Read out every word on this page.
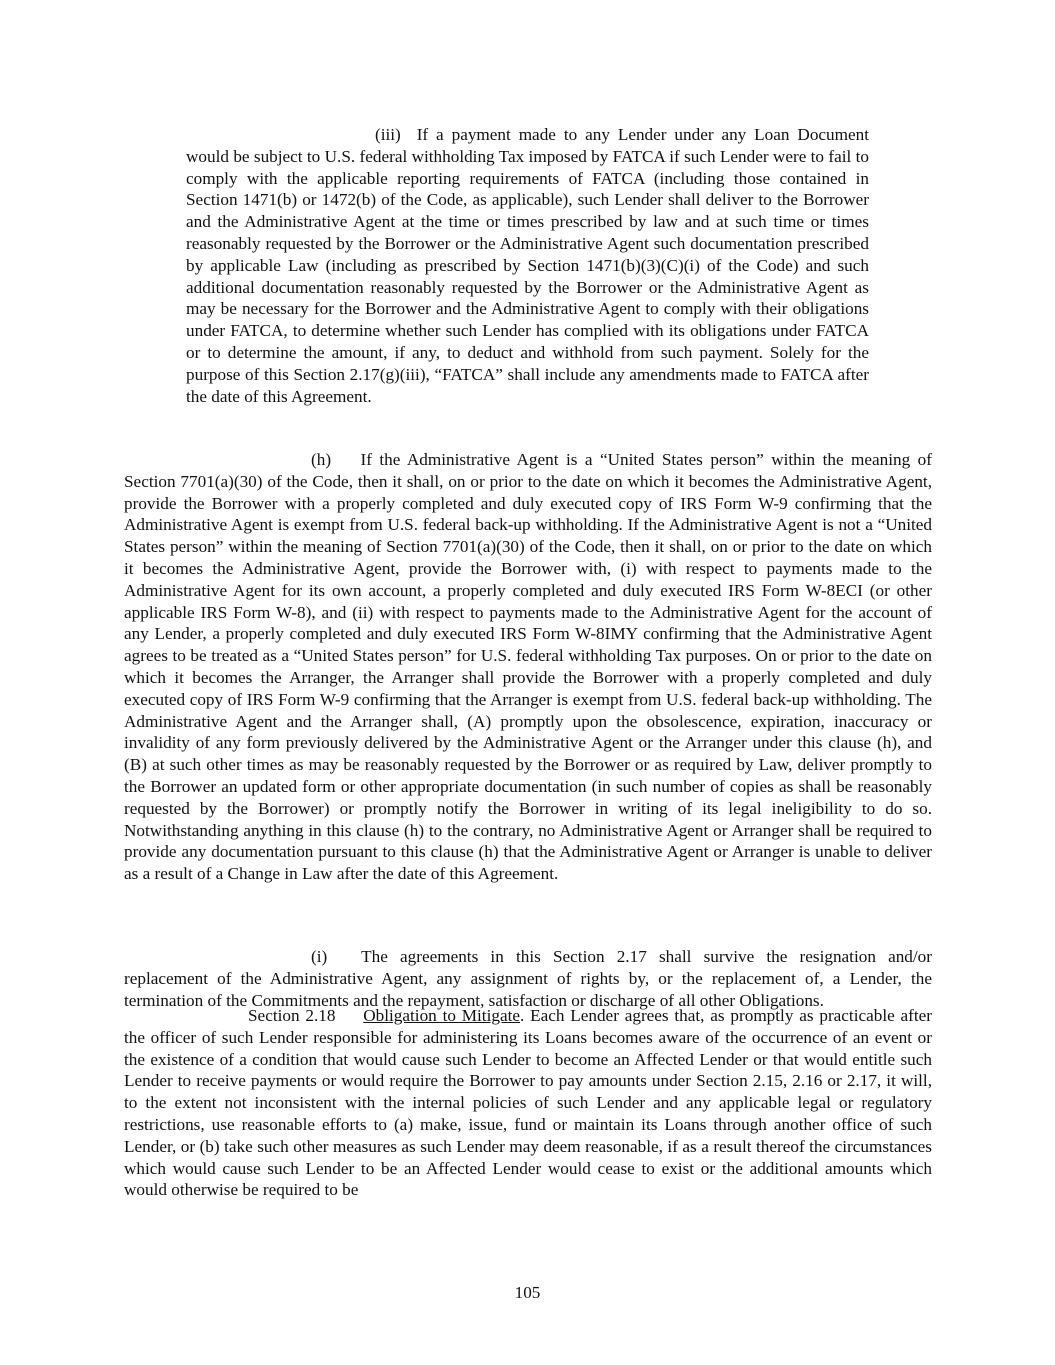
(iii) If a payment made to any Lender under any Loan Document would be subject to U.S. federal withholding Tax imposed by FATCA if such Lender were to fail to comply with the applicable reporting requirements of FATCA (including those contained in Section 1471(b) or 1472(b) of the Code, as applicable), such Lender shall deliver to the Borrower and the Administrative Agent at the time or times prescribed by law and at such time or times reasonably requested by the Borrower or the Administrative Agent such documentation prescribed by applicable Law (including as prescribed by Section 1471(b)(3)(C)(i) of the Code) and such additional documentation reasonably requested by the Borrower or the Administrative Agent as may be necessary for the Borrower and the Administrative Agent to comply with their obligations under FATCA, to determine whether such Lender has complied with its obligations under FATCA or to determine the amount, if any, to deduct and withhold from such payment. Solely for the purpose of this Section 2.17(g)(iii), “FATCA” shall include any amendments made to FATCA after the date of this Agreement.

(h) If the Administrative Agent is a “United States person” within the meaning of Section 7701(a)(30) of the Code, then it shall, on or prior to the date on which it becomes the Administrative Agent, provide the Borrower with a properly completed and duly executed copy of IRS Form W-9 confirming that the Administrative Agent is exempt from U.S. federal back-up withholding. If the Administrative Agent is not a “United States person” within the meaning of Section 7701(a)(30) of the Code, then it shall, on or prior to the date on which it becomes the Administrative Agent, provide the Borrower with, (i) with respect to payments made to the Administrative Agent for its own account, a properly completed and duly executed IRS Form W-8ECI (or other applicable IRS Form W-8), and (ii) with respect to payments made to the Administrative Agent for the account of any Lender, a properly completed and duly executed IRS Form W-8IMY confirming that the Administrative Agent agrees to be treated as a “United States person” for U.S. federal withholding Tax purposes. On or prior to the date on which it becomes the Arranger, the Arranger shall provide the Borrower with a properly completed and duly executed copy of IRS Form W-9 confirming that the Arranger is exempt from U.S. federal back-up withholding. The Administrative Agent and the Arranger shall, (A) promptly upon the obsolescence, expiration, inaccuracy or invalidity of any form previously delivered by the Administrative Agent or the Arranger under this clause (h), and (B) at such other times as may be reasonably requested by the Borrower or as required by Law, deliver promptly to the Borrower an updated form or other appropriate documentation (in such number of copies as shall be reasonably requested by the Borrower) or promptly notify the Borrower in writing of its legal ineligibility to do so. Notwithstanding anything in this clause (h) to the contrary, no Administrative Agent or Arranger shall be required to provide any documentation pursuant to this clause (h) that the Administrative Agent or Arranger is unable to deliver as a result of a Change in Law after the date of this Agreement.

(i) The agreements in this Section 2.17 shall survive the resignation and/or replacement of the Administrative Agent, any assignment of rights by, or the replacement of, a Lender, the termination of the Commitments and the repayment, satisfaction or discharge of all other Obligations.

Section 2.18 Obligation to Mitigate. Each Lender agrees that, as promptly as practicable after the officer of such Lender responsible for administering its Loans becomes aware of the occurrence of an event or the existence of a condition that would cause such Lender to become an Affected Lender or that would entitle such Lender to receive payments or would require the Borrower to pay amounts under Section 2.15, 2.16 or 2.17, it will, to the extent not inconsistent with the internal policies of such Lender and any applicable legal or regulatory restrictions, use reasonable efforts to (a) make, issue, fund or maintain its Loans through another office of such Lender, or (b) take such other measures as such Lender may deem reasonable, if as a result thereof the circumstances which would cause such Lender to be an Affected Lender would cease to exist or the additional amounts which would otherwise be required to be

105
